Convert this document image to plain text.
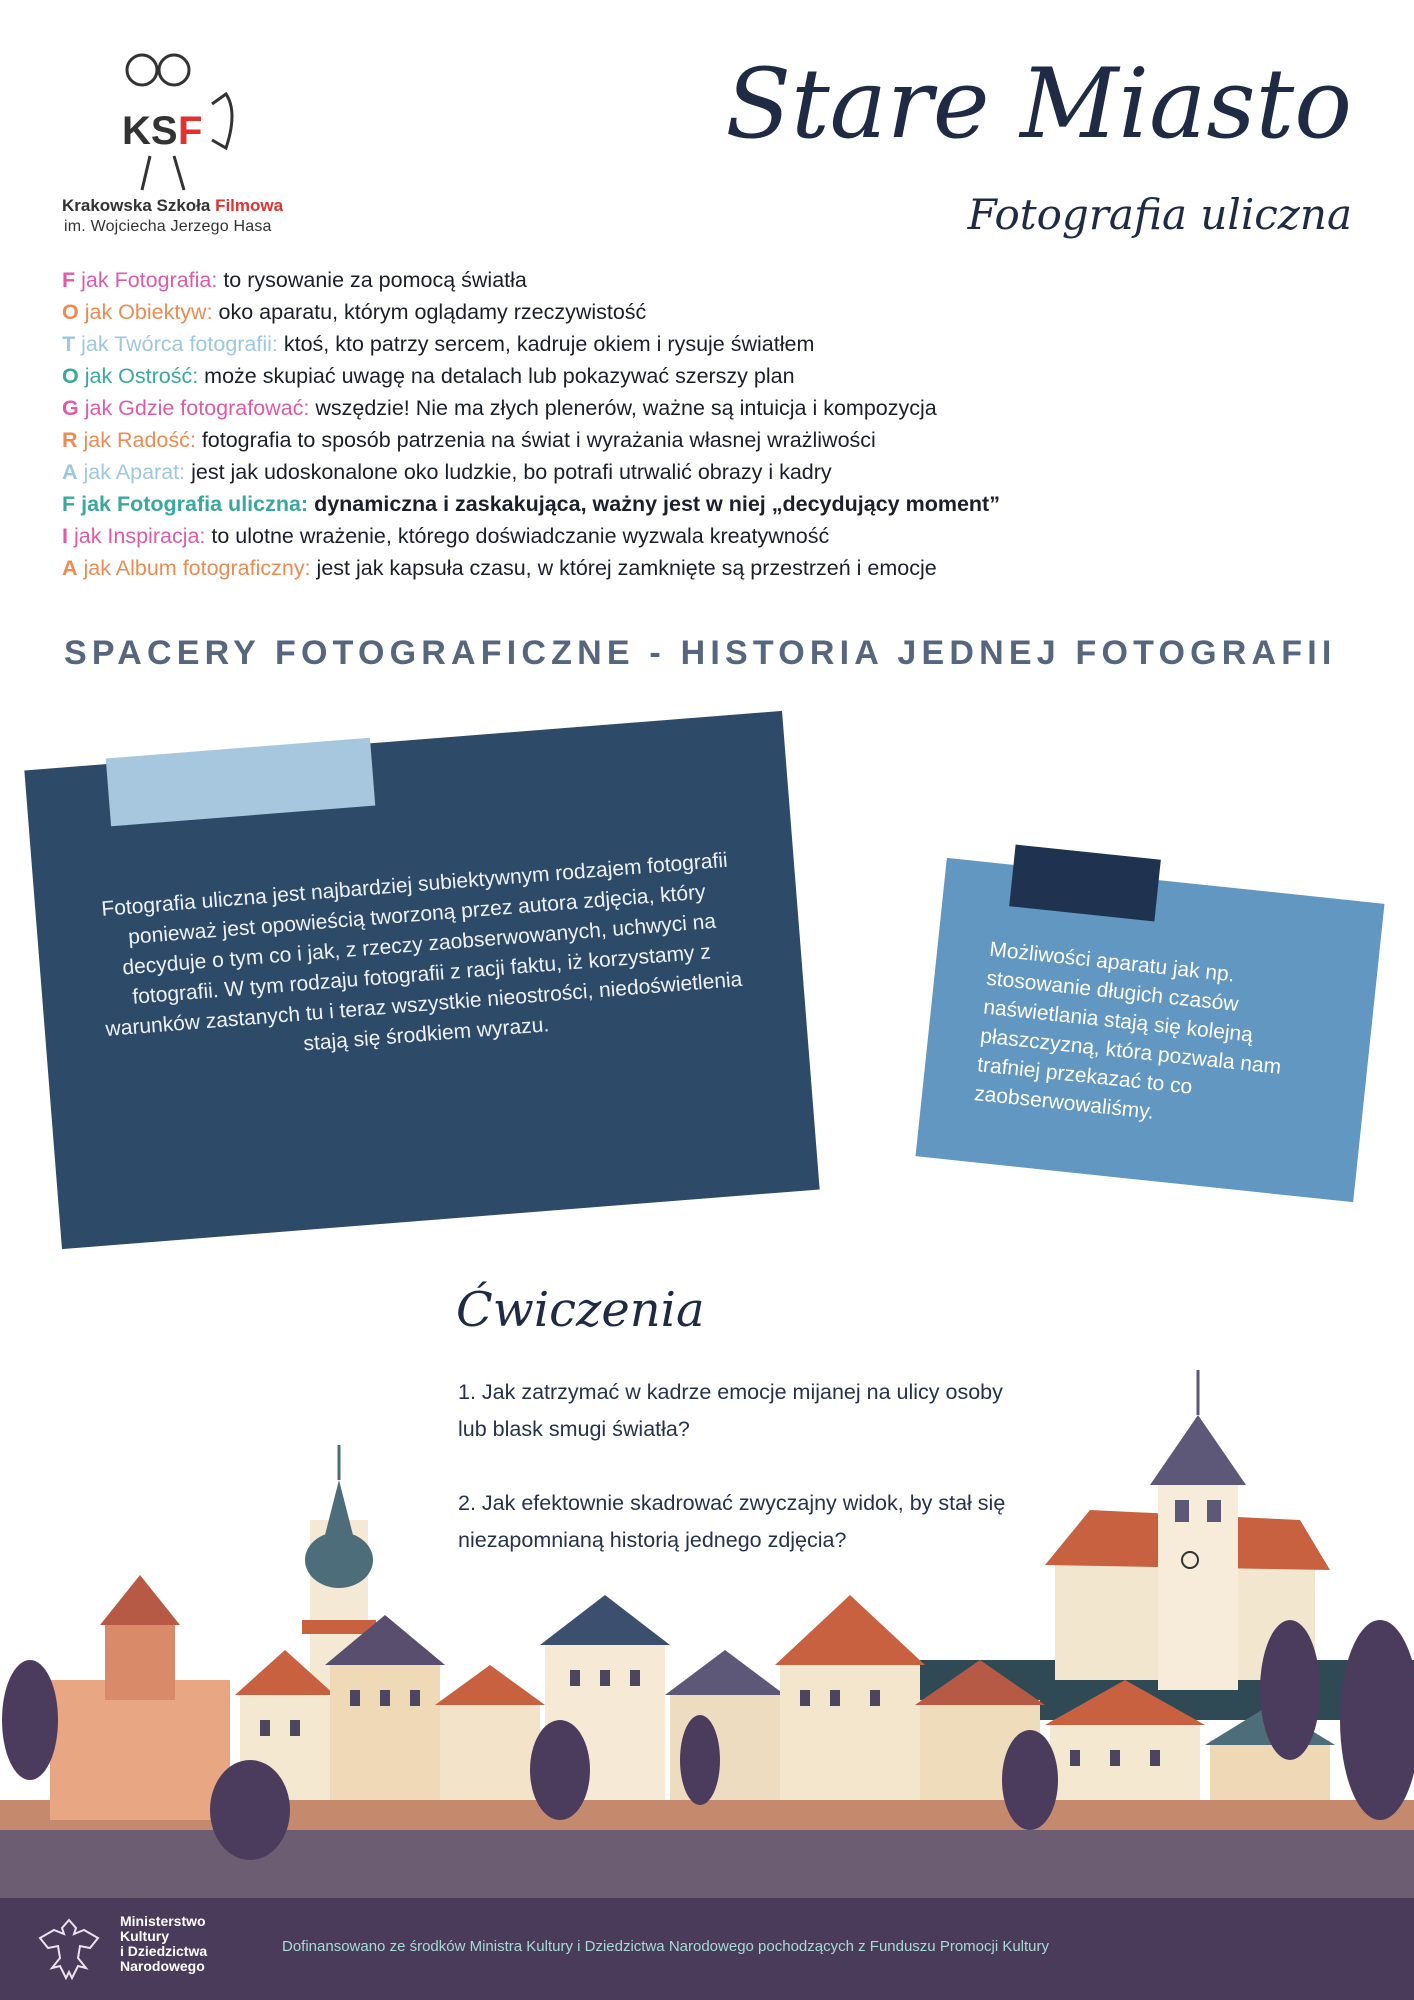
KS F
Krakowska Szkoła Filmowa
im. Wojciecha Jerzego Hasa
Stare Miasto
Fotografia uliczna
F jak Fotografia: to rysowanie za pomocą światła
O jak Obiektyw: oko aparatu, którym oglądamy rzeczywistość
T jak Twórca fotografii: ktoś, kto patrzy sercem, kadruje okiem i rysuje światłem
O jak Ostrość: może skupiać uwagę na detalach lub pokazywać szerszy plan
G jak Gdzie fotografować: wszędzie! Nie ma złych plenerów, ważne są intuicja i kompozycja
R jak Radość: fotografia to sposób patrzenia na świat i wyrażania własnej wrażliwości
A jak Aparat: jest jak udoskonalone oko ludzkie, bo potrafi utrwalić obrazy i kadry
F jak Fotografia uliczna: dynamiczna i zaskakująca, ważny jest w niej „decydujący moment”
I jak Inspiracja: to ulotne wrażenie, którego doświadczanie wyzwala kreatywność
A jak Album fotograficzny: jest jak kapsuła czasu, w której zamknięte są przestrzeń i emocje
SPACERY FOTOGRAFICZNE - HISTORIA JEDNEJ FOTOGRAFII
Fotografia uliczna jest najbardziej subiektywnym rodzajem fotografii ponieważ jest opowieścią tworzoną przez autora zdjęcia, który decyduje o tym co i jak, z rzeczy zaobserwowanych, uchwyci na fotografii. W tym rodzaju fotografii z racji faktu, iż korzystamy z warunków zastanych tu i teraz wszystkie nieostrości, niedoświetlenia stają się środkiem wyrazu.
Możliwości aparatu jak np. stosowanie długich czasów naświetlania stają się kolejną płaszczyzną, która pozwala nam trafniej przekazać to co zaobserwowaliśmy.
Ćwiczenia
1. Jak zatrzymać w kadrze emocje mijanej na ulicy osoby lub blask smugi światła?
2. Jak efektownie skadrować zwyczajny widok, by stał się niezapomnianą historią jednego zdjęcia?
Ministerstwo
Kultury
i Dziedzictwa
Narodowego
Dofinansowano ze środków Ministra Kultury i Dziedzictwa Narodowego pochodzących z Funduszu Promocji Kultury
